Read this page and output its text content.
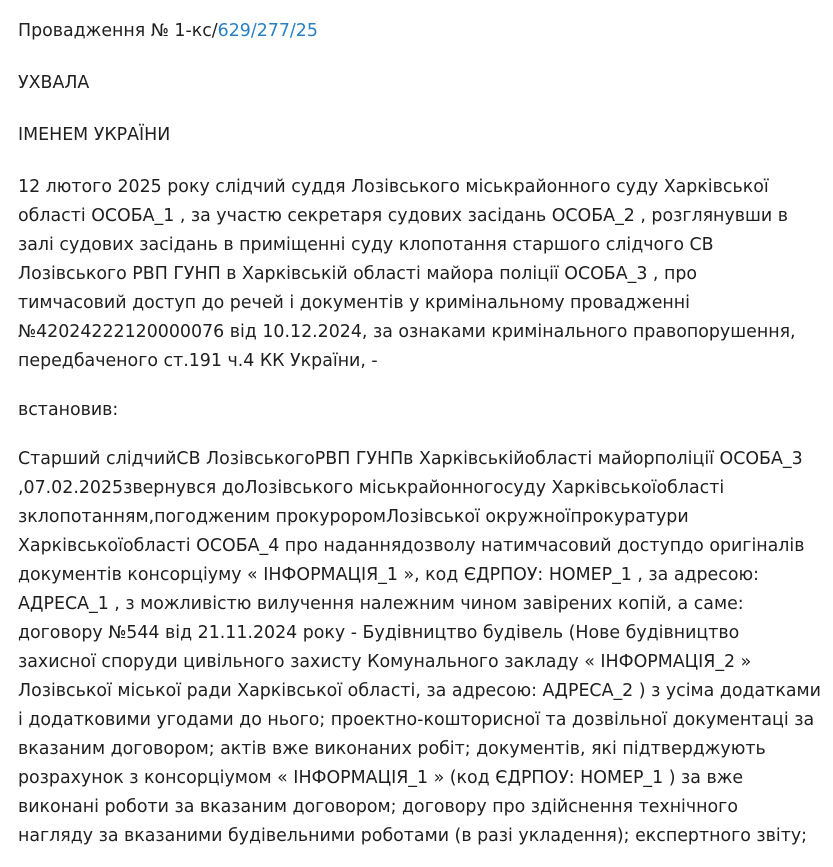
Провадження № 1-кс/629/277/25

УХВАЛА

ІМЕНЕМ УКРАЇНИ

12 лютого 2025 року слідчий суддя Лозівського міськрайонного суду Харківської
області ОСОБА_1 , за участю секретаря судових засідань ОСОБА_2 , розглянувши в
залі судових засідань в приміщенні суду клопотання старшого слідчого СВ
Лозівського РВП ГУНП в Харківській області майора поліції ОСОБА_3 , про
тимчасовий доступ до речей і документів у кримінальному провадженні
№42024222120000076 від 10.12.2024, за ознаками кримінального правопорушення,
передбаченого ст.191 ч.4 КК України, -

встановив:

Старший слідчийСВ ЛозівськогоРВП ГУНПв Харківськійобласті майорполіції ОСОБА_3
,07.02.2025звернувся доЛозівського міськрайонногосуду Харківськоїобласті
зклопотанням,погодженим прокуроромЛозівської окружноїпрокуратури
Харківськоїобласті ОСОБА_4 про наданнядозволу натимчасовий доступдо оригіналів
документів консорціуму « ІНФОРМАЦІЯ_1 », код ЄДРПОУ: НОМЕР_1 , за адресою:
АДРЕСА_1 , з можливістю вилучення належним чином завірених копій, а саме:
договору №544 від 21.11.2024 року - Будівництво будівель (Нове будівництво
захисної споруди цивільного захисту Комунального закладу « ІНФОРМАЦІЯ_2 »
Лозівської міської ради Харківської області, за адресою: АДРЕСА_2 ) з усіма додатками
і додатковими угодами до нього; проектно-кошторисної та дозвільної документаці за
вказаним договором; актів вже виконаних робіт; документів, які підтверджують
розрахунок з консорціумом « ІНФОРМАЦІЯ_1 » (код ЄДРПОУ: НОМЕР_1 ) за вже
виконані роботи за вказаним договором; договору про здійснення технічного
нагляду за вказаними будівельними роботами (в разі укладення); експертного звіту;
